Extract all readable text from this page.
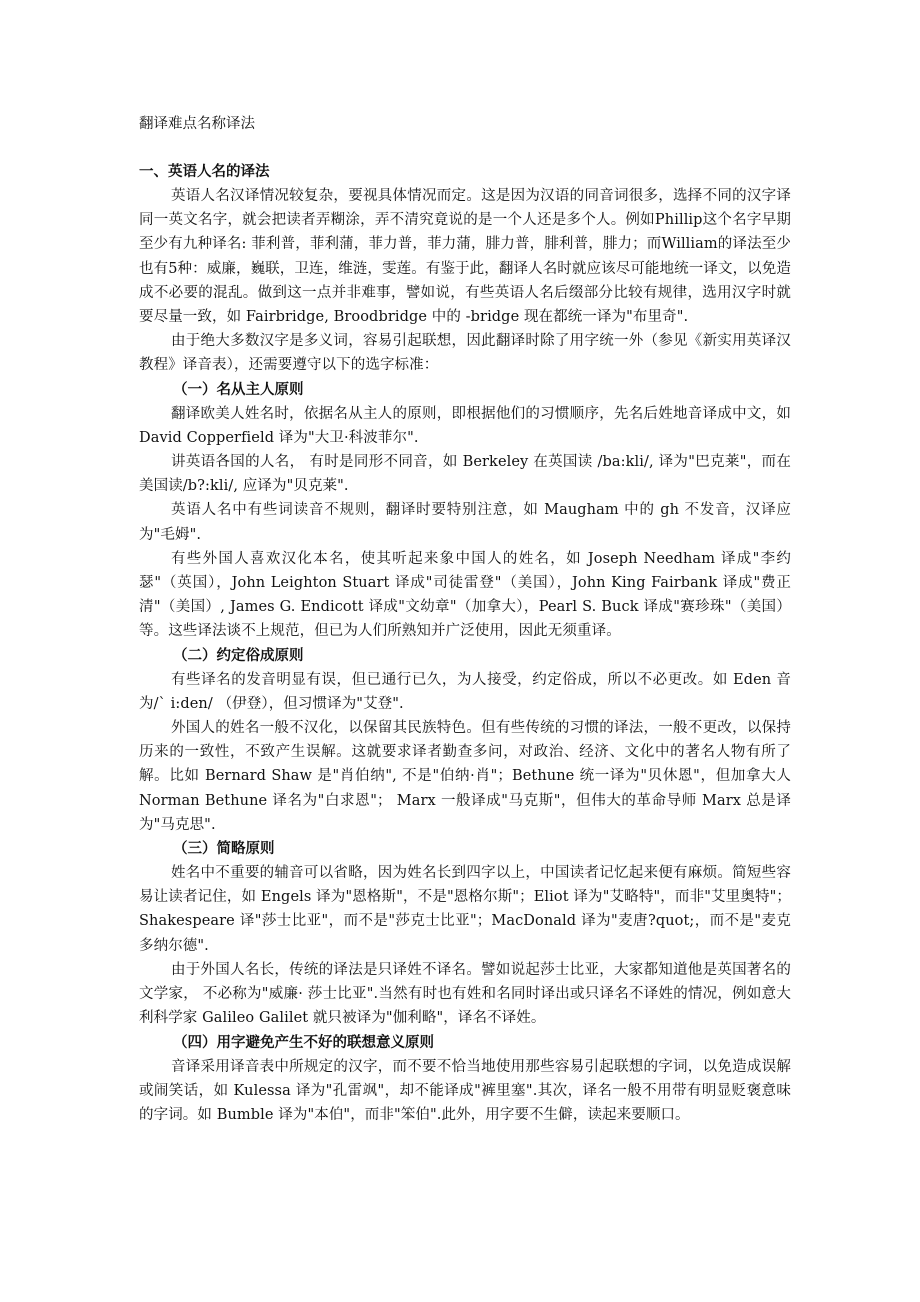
翻译难点名称译法
一、英语人名的译法

英语人名汉译情况较复杂，要视具体情况而定。这是因为汉语的同音词很多，选择不同的汉字译同一英文名字，就会把读者弄糊涂，弄不清究竟说的是一个人还是多个人。例如Phillip这个名字早期至少有九种译名: 菲利普，菲利蒲，菲力普，菲力蒲，腓力普，腓利普，腓力；而William的译法至少也有5种：威廉，巍联，卫连，维涟，雯莲。有鉴于此，翻译人名时就应该尽可能地统一译文，以免造成不必要的混乱。做到这一点并非难事，譬如说，有些英语人名后缀部分比较有规律，选用汉字时就要尽量一致，如 Fairbridge, Broodbridge 中的 -bridge 现在都统一译为"布里奇".

由于绝大多数汉字是多义词，容易引起联想，因此翻译时除了用字统一外（参见《新实用英译汉教程》译音表），还需要遵守以下的选字标准：

（一）名从主人原则

翻译欧美人姓名时，依据名从主人的原则，即根据他们的习惯顺序，先名后姓地音译成中文，如 David Copperfield 译为"大卫·科波菲尔".

讲英语各国的人名， 有时是同形不同音，如 Berkeley 在英国读 /ba:kli/, 译为"巴克莱"，而在美国读/b?:kli/, 应译为"贝克莱".

英语人名中有些词读音不规则，翻译时要特别注意，如 Maugham 中的 gh 不发音，汉译应为"毛姆".

有些外国人喜欢汉化本名，使其听起来象中国人的姓名，如 Joseph Needham 译成"李约瑟"（英国），John Leighton Stuart 译成"司徒雷登"（美国），John King Fairbank 译成"费正清"（美国）, James G. Endicott 译成"文幼章"（加拿大），Pearl S. Buck 译成"赛珍珠"（美国）等。这些译法谈不上规范，但已为人们所熟知并广泛使用，因此无须重译。

（二）约定俗成原则

有些译名的发音明显有误，但已通行已久，为人接受，约定俗成，所以不必更改。如 Eden 音为/` i:den/ （伊登），但习惯译为"艾登".

外国人的姓名一般不汉化，以保留其民族特色。但有些传统的习惯的译法，一般不更改，以保持历来的一致性，不致产生误解。这就要求译者勤查多问，对政治、经济、文化中的著名人物有所了解。比如 Bernard Shaw 是"肖伯纳", 不是"伯纳·肖"；Bethune 统一译为"贝休恩"，但加拿大人 Norman Bethune 译名为"白求恩"； Marx 一般译成"马克斯"，但伟大的革命导师 Marx 总是译为"马克思".

（三）简略原则

姓名中不重要的辅音可以省略，因为姓名长到四字以上，中国读者记忆起来便有麻烦。简短些容易让读者记住，如 Engels 译为"恩格斯"，不是"恩格尔斯"；Eliot 译为"艾略特"，而非"艾里奥特"；Shakespeare 译"莎士比亚"，而不是"莎克士比亚"；MacDonald 译为"麦唐?quot;，而不是"麦克多纳尔德".

由于外国人名长，传统的译法是只译姓不译名。譬如说起莎士比亚，大家都知道他是英国著名的文学家， 不必称为"威廉· 莎士比亚".当然有时也有姓和名同时译出或只译名不译姓的情况，例如意大利科学家 Galileo Galilet 就只被译为"伽利略"，译名不译姓。

（四）用字避免产生不好的联想意义原则

音译采用译音表中所规定的汉字，而不要不恰当地使用那些容易引起联想的字词，以免造成误解或闹笑话，如 Kulessa 译为"孔雷飒"，却不能译成"裤里塞".其次，译名一般不用带有明显贬褒意味的字词。如 Bumble 译为"本伯"，而非"笨伯".此外，用字要不生僻，读起来要顺口。
